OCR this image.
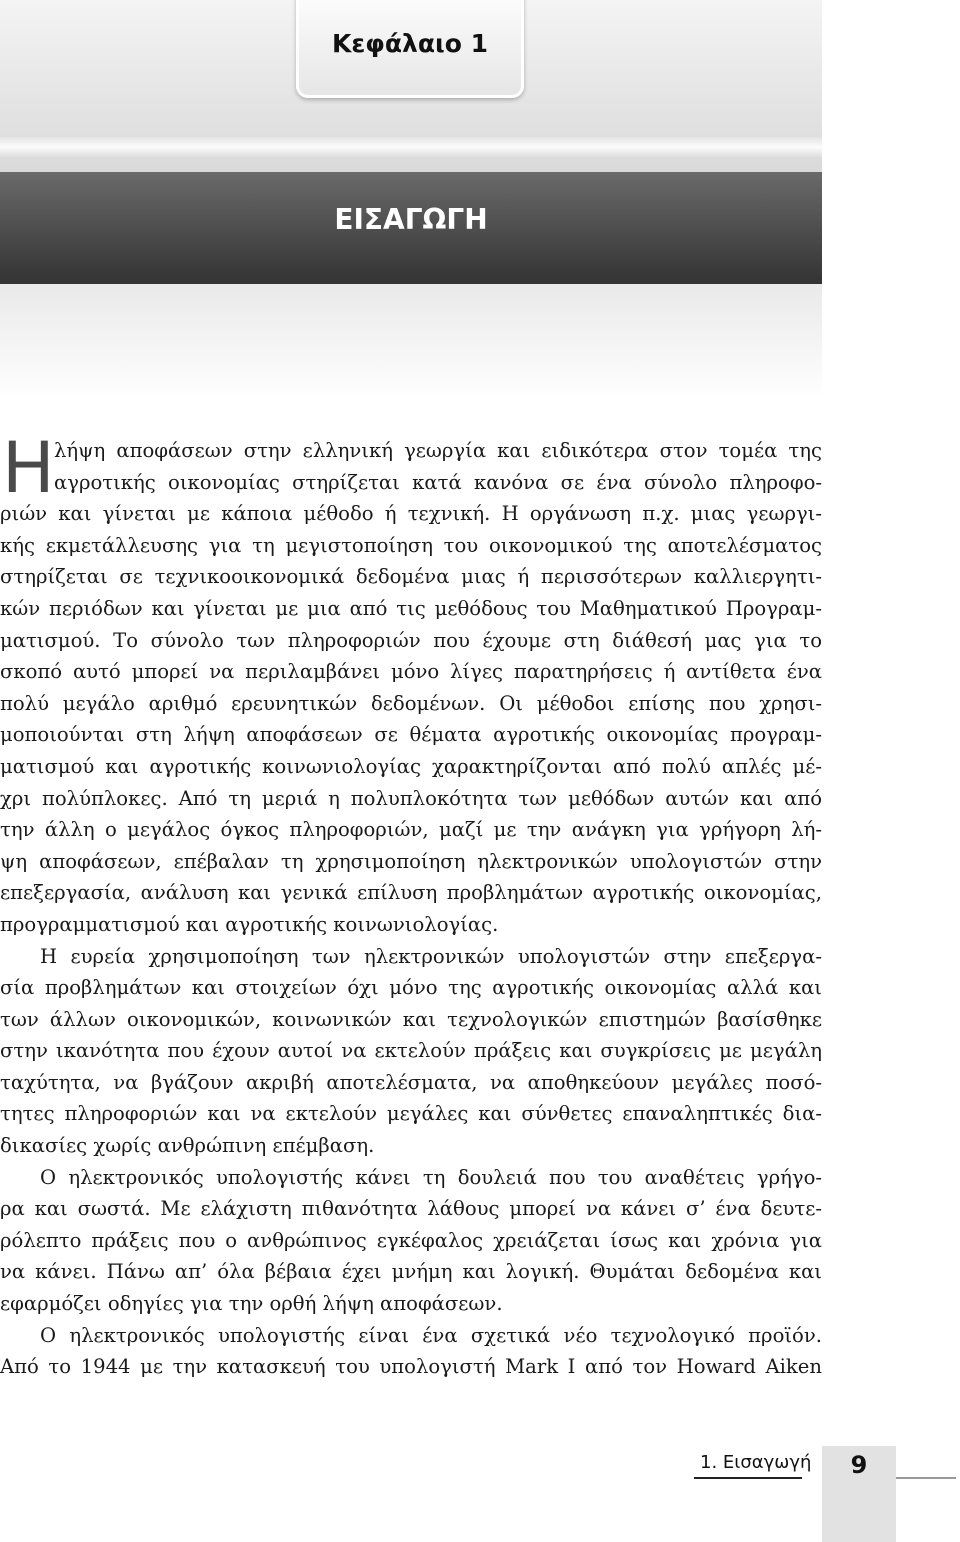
Κεφάλαιο 1
ΕΙΣΑΓΩΓΗ
Η λήψη αποφάσεων στην ελληνική γεωργία και ειδικότερα στον τομέα της
αγροτικής οικονομίας στηρίζεται κατά κανόνα σε ένα σύνολο πληροφο-
ριών και γίνεται με κάποια μέθοδο ή τεχνική. Η οργάνωση π.χ. μιας γεωργι-
κής εκμετάλλευσης για τη μεγιστοποίηση του οικονομικού της αποτελέσματος
στηρίζεται σε τεχνικοοικονομικά δεδομένα μιας ή περισσότερων καλλιεργητι-
κών περιόδων και γίνεται με μια από τις μεθόδους του Μαθηματικού Προγραμ-
ματισμού. Το σύνολο των πληροφοριών που έχουμε στη διάθεσή μας για το
σκοπό αυτό μπορεί να περιλαμβάνει μόνο λίγες παρατηρήσεις ή αντίθετα ένα
πολύ μεγάλο αριθμό ερευνητικών δεδομένων. Οι μέθοδοι επίσης που χρησι-
μοποιούνται στη λήψη αποφάσεων σε θέματα αγροτικής οικονομίας προγραμ-
ματισμού και αγροτικής κοινωνιολογίας χαρακτηρίζονται από πολύ απλές μέ-
χρι πολύπλοκες. Από τη μεριά η πολυπλοκότητα των μεθόδων αυτών και από
την άλλη ο μεγάλος όγκος πληροφοριών, μαζί με την ανάγκη για γρήγορη λή-
ψη αποφάσεων, επέβαλαν τη χρησιμοποίηση ηλεκτρονικών υπολογιστών στην
επεξεργασία, ανάλυση και γενικά επίλυση προβλημάτων αγροτικής οικονομίας,
προγραμματισμού και αγροτικής κοινωνιολογίας.
Η ευρεία χρησιμοποίηση των ηλεκτρονικών υπολογιστών στην επεξεργα-
σία προβλημάτων και στοιχείων όχι μόνο της αγροτικής οικονομίας αλλά και
των άλλων οικονομικών, κοινωνικών και τεχνολογικών επιστημών βασίσθηκε
στην ικανότητα που έχουν αυτοί να εκτελούν πράξεις και συγκρίσεις με μεγάλη
ταχύτητα, να βγάζουν ακριβή αποτελέσματα, να αποθηκεύουν μεγάλες ποσό-
τητες πληροφοριών και να εκτελούν μεγάλες και σύνθετες επαναληπτικές δια-
δικασίες χωρίς ανθρώπινη επέμβαση.
Ο ηλεκτρονικός υπολογιστής κάνει τη δουλειά που του αναθέτεις γρήγο-
ρα και σωστά. Με ελάχιστη πιθανότητα λάθους μπορεί να κάνει σ’ ένα δευτε-
ρόλεπτο πράξεις που ο ανθρώπινος εγκέφαλος χρειάζεται ίσως και χρόνια για
να κάνει. Πάνω απ’ όλα βέβαια έχει μνήμη και λογική. Θυμάται δεδομένα και
εφαρμόζει οδηγίες για την ορθή λήψη αποφάσεων.
Ο ηλεκτρονικός υπολογιστής είναι ένα σχετικά νέο τεχνολογικό προϊόν.
Από το 1944 με την κατασκευή του υπολογιστή Mark I από τον Howard Aiken
1. Εισαγωγή	9
